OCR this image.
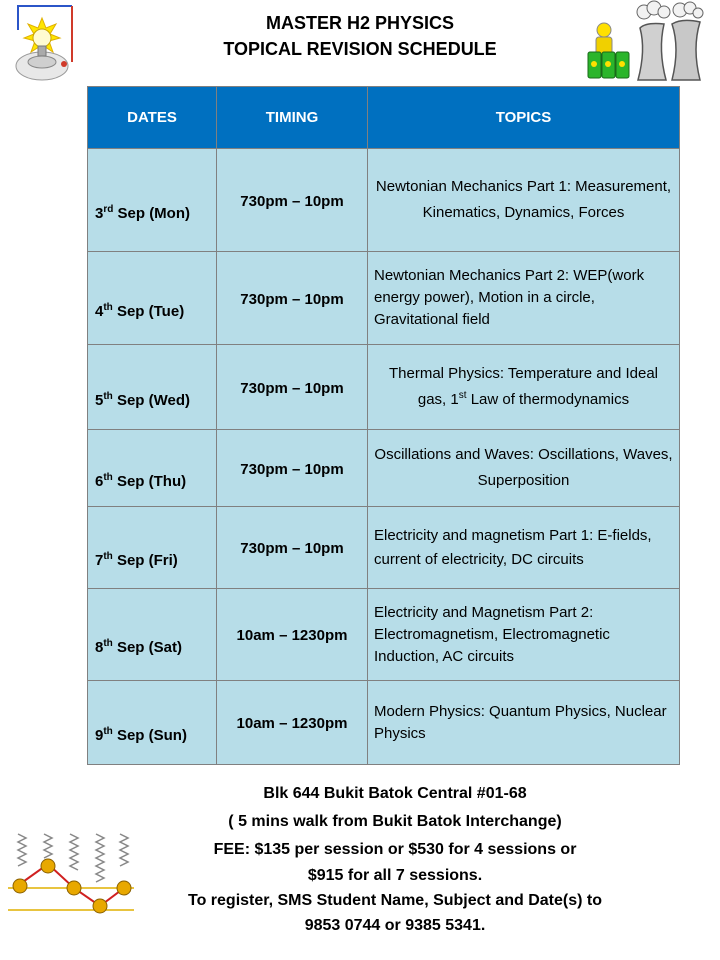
MASTER H2 PHYSICS
TOPICAL REVISION SCHEDULE
DATES	TIMING	TOPICS
3rd Sep (Mon)	730pm – 10pm	Newtonian Mechanics Part 1: Measurement, Kinematics, Dynamics, Forces
4th Sep (Tue)	730pm – 10pm	Newtonian Mechanics Part 2: WEP(work energy power), Motion in a circle, Gravitational field
5th Sep (Wed)	730pm – 10pm	Thermal Physics: Temperature and Ideal gas, 1st Law of thermodynamics
6th Sep (Thu)	730pm – 10pm	Oscillations and Waves: Oscillations, Waves, Superposition
7th Sep (Fri)	730pm – 10pm	Electricity and magnetism Part 1: E-fields, current of electricity, DC circuits
8th Sep (Sat)	10am – 1230pm	Electricity and Magnetism Part 2: Electromagnetism, Electromagnetic Induction, AC circuits
9th Sep (Sun)	10am – 1230pm	Modern Physics: Quantum Physics, Nuclear Physics
Blk 644 Bukit Batok Central #01-68
( 5 mins walk from Bukit Batok Interchange)
FEE: $135 per session or $530 for 4 sessions or
$915 for all 7 sessions.
To register, SMS Student Name, Subject and Date(s) to
9853 0744 or 9385 5341.
